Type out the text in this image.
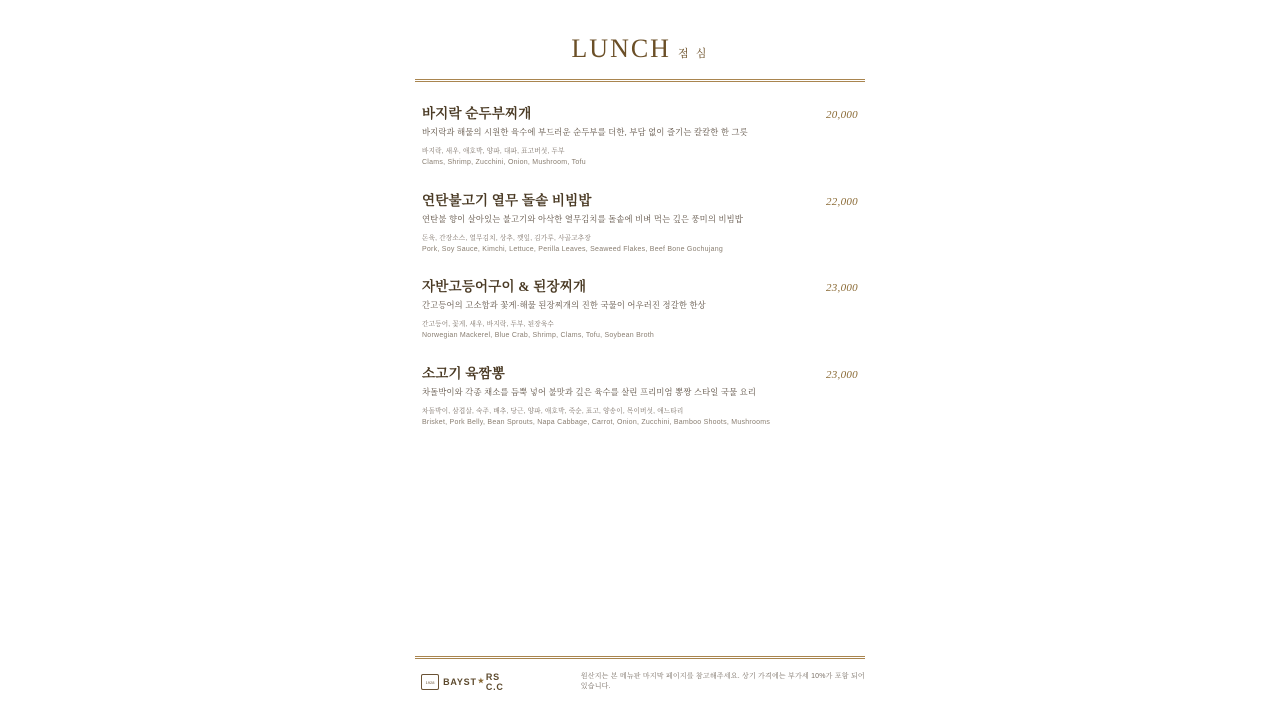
LUNCH 점 심
바지락 순두부찌개	20,000
바지락과 해물의 시원한 육수에 부드러운 순두부를 더한, 부담 없이 즐기는 칼칼한 한 그릇
바지락, 새우, 애호박, 양파, 대파, 표고버섯, 두부
Clams, Shrimp, Zucchini, Onion, Mushroom, Tofu
연탄불고기 열무 돌솥 비빔밥	22,000
연탄불 향이 살아있는 불고기와 아삭한 열무김치를 돌솥에 비벼 먹는 깊은 풍미의 비빔밥
돈육, 간장소스, 열무김치, 상추, 깻잎, 김가루, 사골고추장
Pork, Soy Sauce, Kimchi, Lettuce, Perilla Leaves, Seaweed Flakes, Beef Bone Gochujang
자반고등어구이 & 된장찌개	23,000
간고등어의 고소함과 꽃게·해물 된장찌개의 진한 국물이 어우러진 정갈한 한상
간고등어, 꽃게, 새우, 바지락, 두부, 된장육수
Norwegian Mackerel, Blue Crab, Shrimp, Clams, Tofu, Soybean Broth
소고기 육짬뽕	23,000
차돌박이와 각종 채소를 듬뿍 넣어 불맛과 깊은 육수를 살린 프리미엄 뽕짱 스타일 국물 요리
차돌박이, 삼겹살, 숙주, 배추, 당근, 양파, 애호박, 죽순, 표고, 양송이, 목이버섯, 애느타리
Brisket, Pork Belly, Bean Sprouts, Napa Cabbage, Carrot, Onion, Zucchini, Bamboo Shoots, Mushrooms
1928 BAYST ★ RS C.C
원산지는 본 메뉴판 마지막 페이지를 참고해주세요. 상기 가격에는 부가세 10%가 포함 되어 있습니다.
